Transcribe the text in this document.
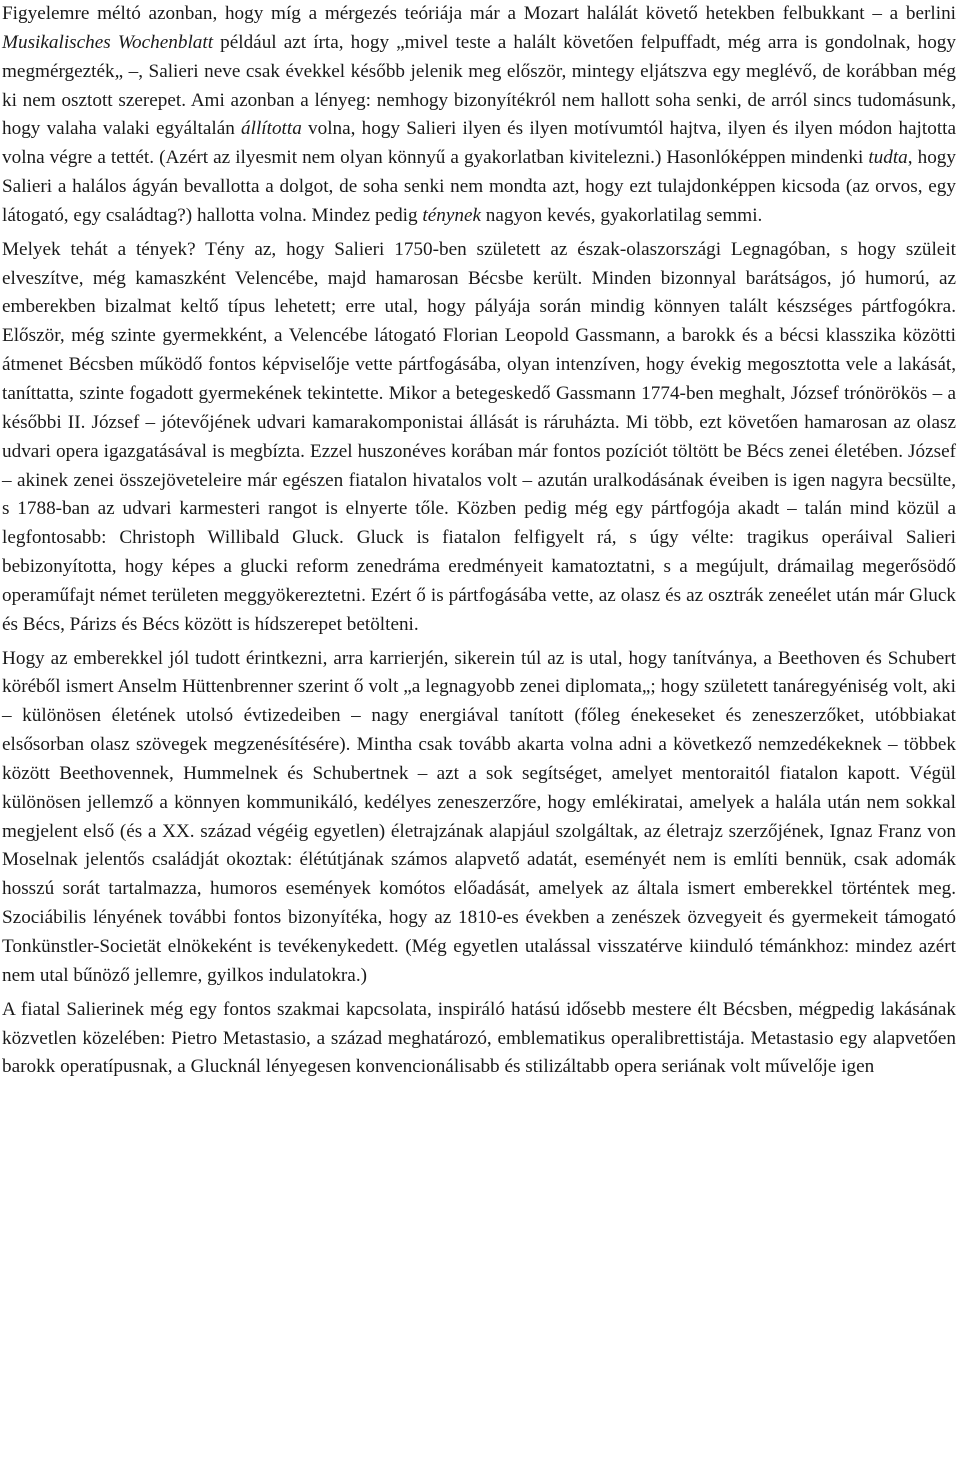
Figyelemre méltó azonban, hogy míg a mérgezés teóriája már a Mozart halálát követő hetekben felbukkant – a berlini Musikalisches Wochenblatt például azt írta, hogy „mivel teste a halált követően felpuffadt, még arra is gondolnak, hogy megmérgezték„ –, Salieri neve csak évekkel később jelenik meg először, mintegy eljátszva egy meglévő, de korábban még ki nem osztott szerepet. Ami azonban a lényeg: nemhogy bizonyítékról nem hallott soha senki, de arról sincs tudomásunk, hogy valaha valaki egyáltalán állította volna, hogy Salieri ilyen és ilyen motívumtól hajtva, ilyen és ilyen módon hajtotta volna végre a tettét. (Azért az ilyesmit nem olyan könnyű a gyakorlatban kivitelezni.) Hasonlóképpen mindenki tudta, hogy Salieri a halálos ágyán bevallotta a dolgot, de soha senki nem mondta azt, hogy ezt tulajdonképpen kicsoda (az orvos, egy látogató, egy családtag?) hallotta volna. Mindez pedig ténynek nagyon kevés, gyakorlatilag semmi.

Melyek tehát a tények? Tény az, hogy Salieri 1750-ben született az észak-olaszországi Legnagóban, s hogy szüleit elveszítve, még kamaszként Velencébe, majd hamarosan Bécsbe került. Minden bizonnyal barátságos, jó humorú, az emberekben bizalmat keltő típus lehetett; erre utal, hogy pályája során mindig könnyen talált készséges pártfogókra. Először, még szinte gyermekként, a Velencébe látogató Florian Leopold Gassmann, a barokk és a bécsi klasszika közötti átmenet Bécsben működő fontos képviselője vette pártfogásába, olyan intenzíven, hogy évekig megosztotta vele a lakását, taníttatta, szinte fogadott gyermekének tekintette. Mikor a betegeskedő Gassmann 1774-ben meghalt, József trónörökös – a későbbi II. József – jótevőjének udvari kamarakomponistai állását is ráruházta. Mi több, ezt követően hamarosan az olasz udvari opera igazgatásával is megbízta. Ezzel huszonéves korában már fontos pozíciót töltött be Bécs zenei életében. József – akinek zenei összejöveteleire már egészen fiatalon hivatalos volt – azután uralkodásának éveiben is igen nagyra becsülte, s 1788-ban az udvari karmesteri rangot is elnyerte tőle. Közben pedig még egy pártfogója akadt – talán mind közül a legfontosabb: Christoph Willibald Gluck. Gluck is fiatalon felfigyelt rá, s úgy vélte: tragikus operáival Salieri bebizonyította, hogy képes a glucki reform zenedráma eredményeit kamatoztatni, s a megújult, drámailag megerősödő operaműfajt német területen meggyökereztetni. Ezért ő is pártfogásába vette, az olasz és az osztrák zeneélet után már Gluck és Bécs, Párizs és Bécs között is hídszerepet betölteni.

Hogy az emberekkel jól tudott érintkezni, arra karrierjén, sikerein túl az is utal, hogy tanítványa, a Beethoven és Schubert köréből ismert Anselm Hüttenbrenner szerint ő volt „a legnagyobb zenei diplomata„; hogy született tanáregyéniség volt, aki – különösen életének utolsó évtizedeiben – nagy energiával tanított (főleg énekeseket és zeneszerzőket, utóbbiakat elsősorban olasz szövegek megzenésítésére). Mintha csak tovább akarta volna adni a következő nemzedékeknek – többek között Beethovennek, Hummelnek és Schubertnek – azt a sok segítséget, amelyet mentoraitól fiatalon kapott. Végül különösen jellemző a könnyen kommunikáló, kedélyes zeneszerzőre, hogy emlékiratai, amelyek a halála után nem sokkal megjelent első (és a XX. század végéig egyetlen) életrajzának alapjául szolgáltak, az életrajz szerzőjének, Ignaz Franz von Moselnak jelentős családját okoztak: élétútjának számos alapvető adatát, eseményét nem is említi bennük, csak adomák hosszú sorát tartalmazza, humoros események komótos előadását, amelyek az általa ismert emberekkel történtek meg. Szociábilis lényének további fontos bizonyítéka, hogy az 1810-es években a zenészek özvegyeit és gyermekeit támogató Tonkünstler-Societät elnökeként is tevékenykedett. (Még egyetlen utalással visszatérve kiinduló témánkhoz: mindez azért nem utal bűnöző jellemre, gyilkos indulatokra.)

A fiatal Salierinek még egy fontos szakmai kapcsolata, inspiráló hatású idősebb mestere élt Bécsben, mégpedig lakásának közvetlen közelében: Pietro Metastasio, a század meghatározó, emblematikus operalibrettistája. Metastasio egy alapvetően barokk operatípusnak, a Glucknál lényegesen konvencionálisabb és stilizáltabb opera seriának volt művelője igen
